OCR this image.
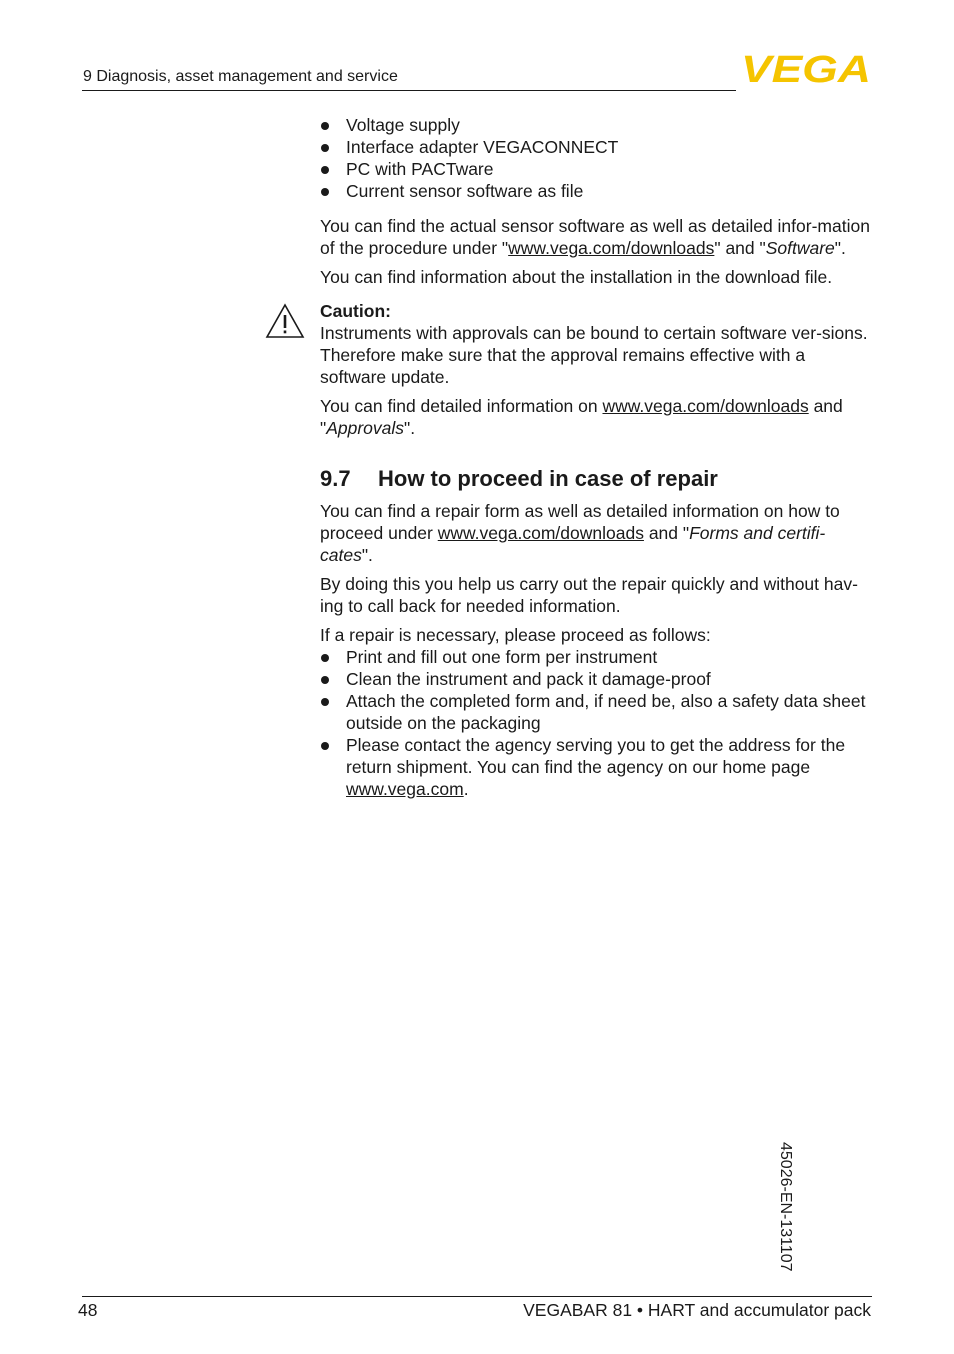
9 Diagnosis, asset management and service	VEGA
Voltage supply
Interface adapter VEGACONNECT
PC with PACTware
Current sensor software as file

You can find the actual sensor software as well as detailed infor-mation of the procedure under "www.vega.com/downloads" and "Software".

You can find information about the installation in the download file.

Caution:

Instruments with approvals can be bound to certain software ver-sions. Therefore make sure that the approval remains effective with a software update.

You can find detailed information on www.vega.com/downloads and "Approvals".

9.7 How to proceed in case of repair

You can find a repair form as well as detailed information on how to proceed under www.vega.com/downloads and "Forms and certifi-cates".

By doing this you help us carry out the repair quickly and without hav-ing to call back for needed information.

If a repair is necessary, please proceed as follows:

Print and fill out one form per instrument
Clean the instrument and pack it damage-proof
Attach the completed form and, if need be, also a safety data sheet outside on the packaging
Please contact the agency serving you to get the address for the return shipment. You can find the agency on our home page www.vega.com.
45026-EN-131107
48	VEGABAR 81 • HART and accumulator pack
